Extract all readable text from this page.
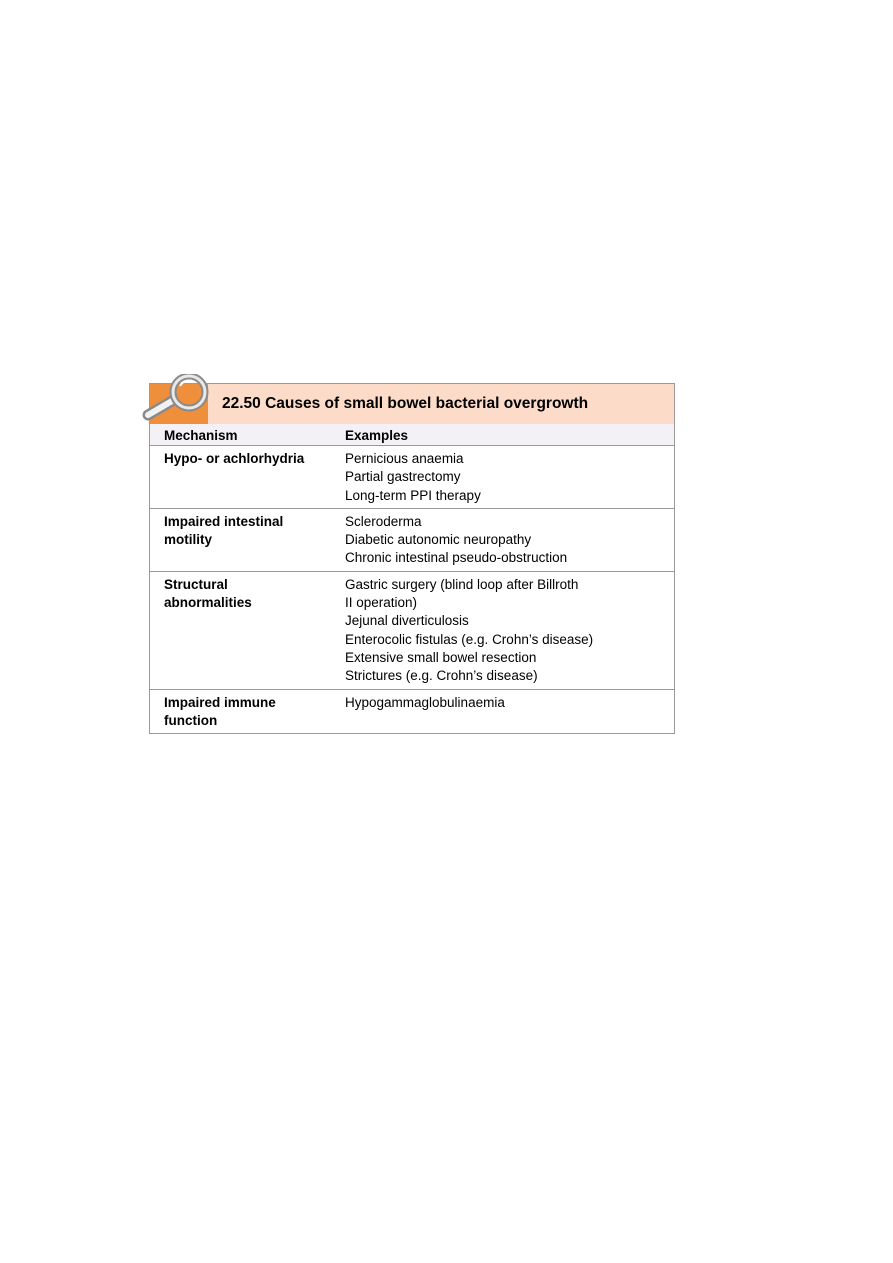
22.50 Causes of small bowel bacterial overgrowth
Mechanism	Examples
Hypo- or achlorhydria	Pernicious anaemia
Partial gastrectomy
Long-term PPI therapy
Impaired intestinal
motility
Scleroderma
Diabetic autonomic neuropathy
Chronic intestinal pseudo-obstruction
Structural
abnormalities
Gastric surgery (blind loop after Billroth
II operation)
Jejunal diverticulosis
Enterocolic fistulas (e.g. Crohn’s disease)
Extensive small bowel resection
Strictures (e.g. Crohn’s disease)
Impaired immune
function
Hypogammaglobulinaemia
